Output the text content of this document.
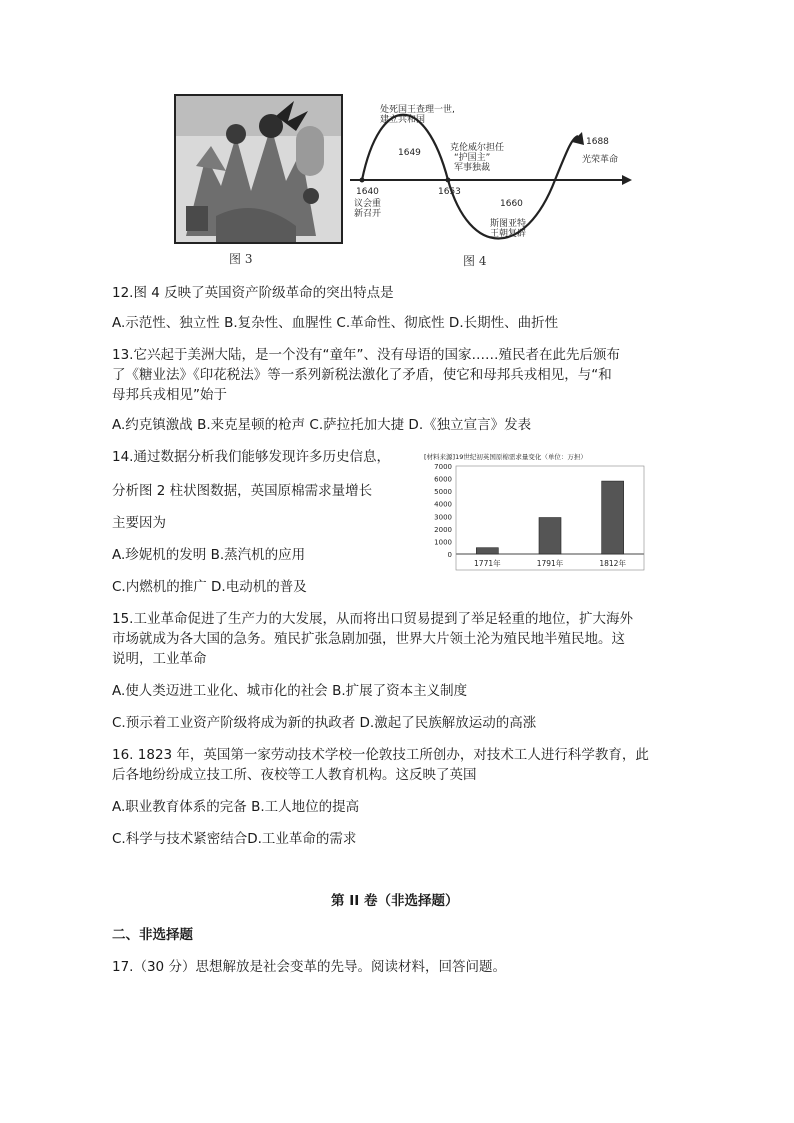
图 3
1640
议会重
新召开
1649
处死国王查理一世,
建立共和国
1653
克伦威尔担任
“护国主”
军事独裁
1660
斯图亚特
王朝复辟
1688
光荣革命
图 4
12.图 4 反映了英国资产阶级革命的突出特点是
A.示范性、独立性 B.复杂性、血腥性 C.革命性、彻底性 D.长期性、曲折性
13.它兴起于美洲大陆，是一个没有“童年”、没有母语的国家……殖民者在此先后颁布
了《糖业法》《印花税法》等一系列新税法激化了矛盾，使它和母邦兵戎相见，与“和
母邦兵戎相见”始于
A.约克镇激战 B.来克星顿的枪声 C.萨拉托加大捷 D.《独立宣言》发表
14.通过数据分析我们能够发现许多历史信息，
分析图 2 柱状图数据，英国原棉需求量增长
主要因为
A.珍妮机的发明 B.蒸汽机的应用
C.内燃机的推广 D.电动机的普及
[材料来源]19世纪初英国原棉需求量变化（单位：万担）
0
1000
2000
3000
4000
5000
6000
7000
1771年	1791年	1812年
15.工业革命促进了生产力的大发展，从而将出口贸易提到了举足轻重的地位，扩大海外
市场就成为各大国的急务。殖民扩张急剧加强，世界大片领土沦为殖民地半殖民地。这
说明，工业革命
A.使人类迈进工业化、城市化的社会 B.扩展了资本主义制度
C.预示着工业资产阶级将成为新的执政者 D.激起了民族解放运动的高涨
16. 1823 年，英国第一家劳动技术学校一伦敦技工所创办，对技术工人进行科学教育，此
后各地纷纷成立技工所、夜校等工人教育机构。这反映了英国
A.职业教育体系的完备 B.工人地位的提高
C.科学与技术紧密结合D.工业革命的需求
第 II 卷（非选择题）
二、非选择题
17.（30 分）思想解放是社会变革的先导。阅读材料，回答问题。
